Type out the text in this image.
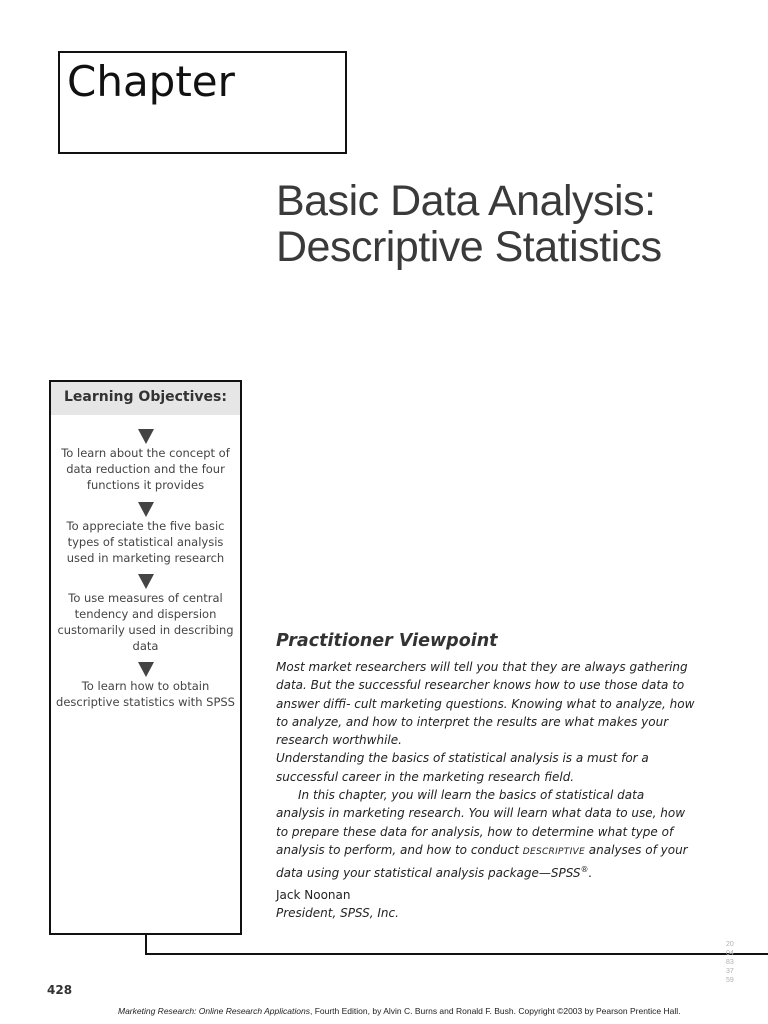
Chapter
Basic Data Analysis:
Descriptive Statistics
Learning Objectives:
To learn about the concept of data reduction and the four functions it provides
To appreciate the five basic types of statistical analysis used in marketing research
To use measures of central tendency and dispersion customarily used in describing data
To learn how to obtain descriptive statistics with SPSS
Practitioner Viewpoint

Most market researchers will tell you that they are always gathering data. But the successful researcher knows how to use those data to answer diffi- cult marketing questions. Knowing what to analyze, how to analyze, and how to interpret the results are what makes your research worthwhile.

Understanding the basics of statistical analysis is a must for a successful career in the marketing research field.

In this chapter, you will learn the basics of statistical data analysis in marketing research. You will learn what data to use, how to prepare these data for analysis, how to determine what type of analysis to perform, and how to conduct DESCRIPTIVE analyses of your data using your statistical analysis package—SPSS®.

Jack Noonan
President, SPSS, Inc.
20
04
83
37
59
428
Marketing Research: Online Research Applications, Fourth Edition, by Alvin C. Burns and Ronald F. Bush. Copyright ©2003 by Pearson Prentice Hall.
